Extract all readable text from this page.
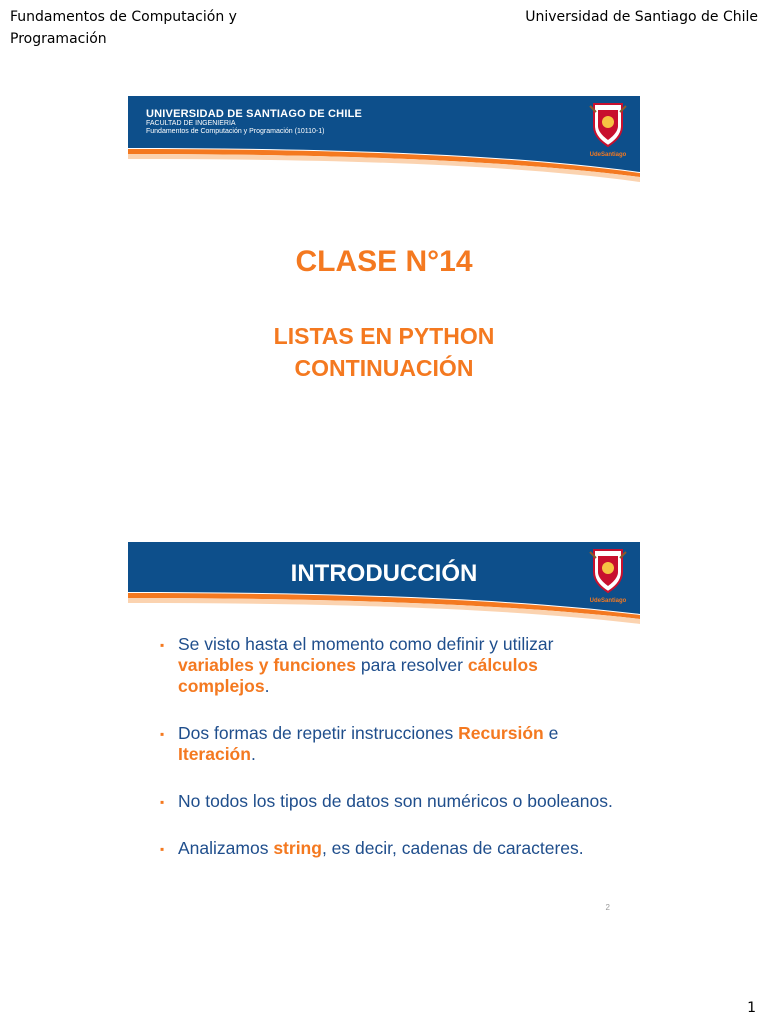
Fundamentos de Computación y Programación
Universidad de Santiago de Chile
UNIVERSIDAD DE SANTIAGO DE CHILE
FACULTAD DE INGENIERIA
Fundamentos de Computación y Programación (10110-1)
UdeSantiago
CLASE N°14
LISTAS EN PYTHON
CONTINUACIÓN
INTRODUCCIÓN
UdeSantiago
▪ Se visto hasta el momento como definir y utilizar variables y funciones para resolver cálculos complejos.
▪ Dos formas de repetir instrucciones Recursión e Iteración.
▪ No todos los tipos de datos son numéricos o booleanos.
▪ Analizamos string, es decir, cadenas de caracteres.
2
1
